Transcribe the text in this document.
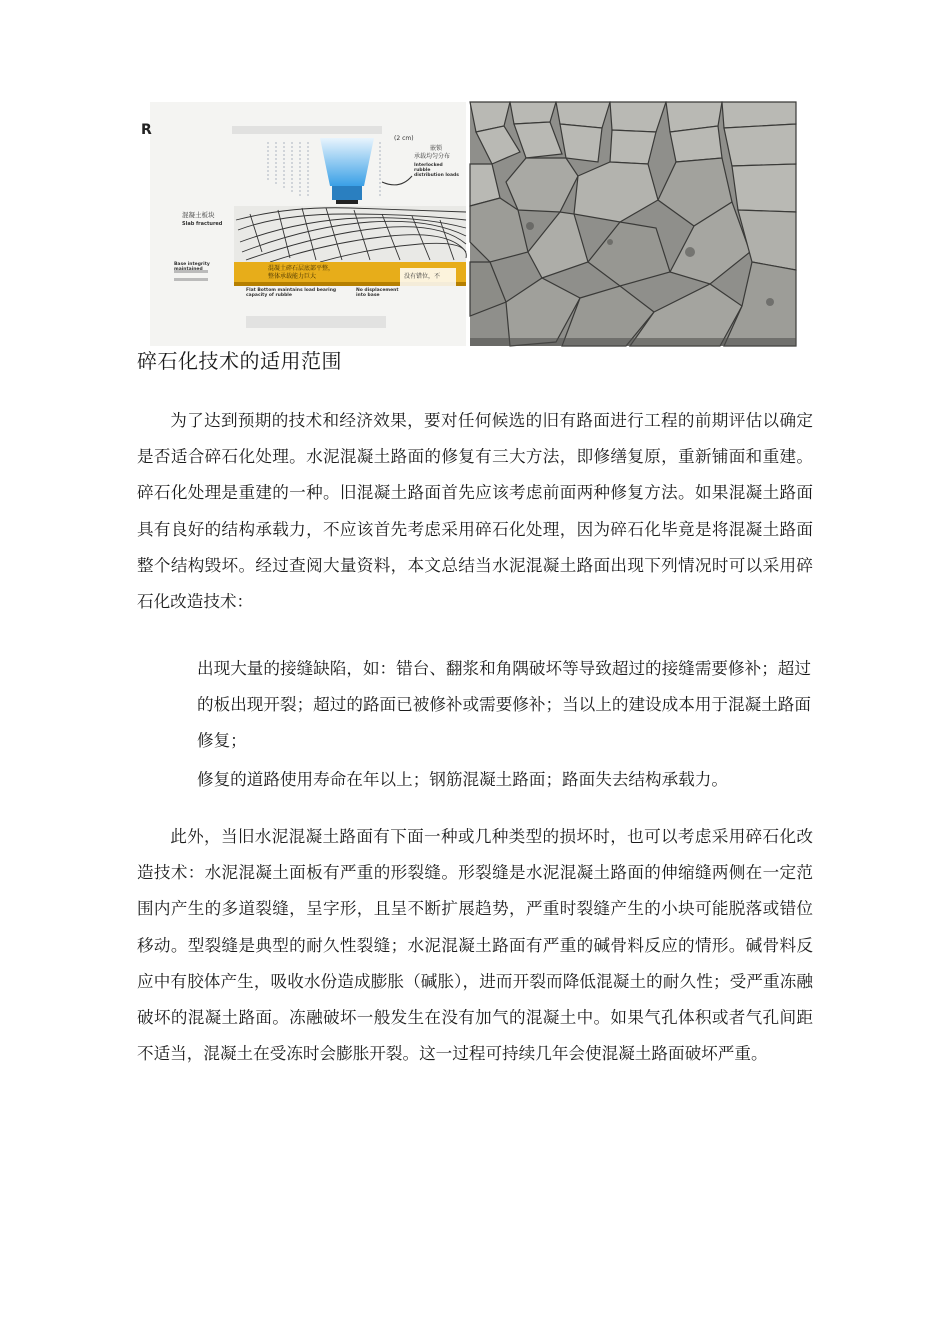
R
(2 cm)
嵌锁
承载均匀分布
Interlocked rubble distribution loads
混凝土板块
Slab fractured
Base integrity maintained	混凝土碎石层底部平整，
整体承载能力巨大
Flat Bottom maintains load bearing capacity of rubble
没有错位，不
No displacement into base
碎石化技术的适用范围

为了达到预期的技术和经济效果，要对任何候选的旧有路面进行工程的前期评估以确定是否适合碎石化处理。水泥混凝土路面的修复有三大方法，即修缮复原，重新铺面和重建。碎石化处理是重建的一种。旧混凝土路面首先应该考虑前面两种修复方法。如果混凝土路面具有良好的结构承载力，不应该首先考虑采用碎石化处理，因为碎石化毕竟是将混凝土路面整个结构毁坏。经过查阅大量资料，本文总结当水泥混凝土路面出现下列情况时可以采用碎石化改造技术：

出现大量的接缝缺陷，如：错台、翻浆和角隅破坏等导致超过的接缝需要修补；超过的板出现开裂；超过的路面已被修补或需要修补；当以上的建设成本用于混凝土路面修复；
修复的道路使用寿命在年以上；钢筋混凝土路面；路面失去结构承载力。

此外，当旧水泥混凝土路面有下面一种或几种类型的损坏时，也可以考虑采用碎石化改造技术：水泥混凝土面板有严重的形裂缝。形裂缝是水泥混凝土路面的伸缩缝两侧在一定范围内产生的多道裂缝，呈字形，且呈不断扩展趋势，严重时裂缝产生的小块可能脱落或错位移动。型裂缝是典型的耐久性裂缝；水泥混凝土路面有严重的碱骨料反应的情形。碱骨料反应中有胶体产生，吸收水份造成膨胀（碱胀），进而开裂而降低混凝土的耐久性；受严重冻融破坏的混凝土路面。冻融破坏一般发生在没有加气的混凝土中。如果气孔体积或者气孔间距不适当，混凝土在受冻时会膨胀开裂。这一过程可持续几年会使混凝土路面破坏严重。
